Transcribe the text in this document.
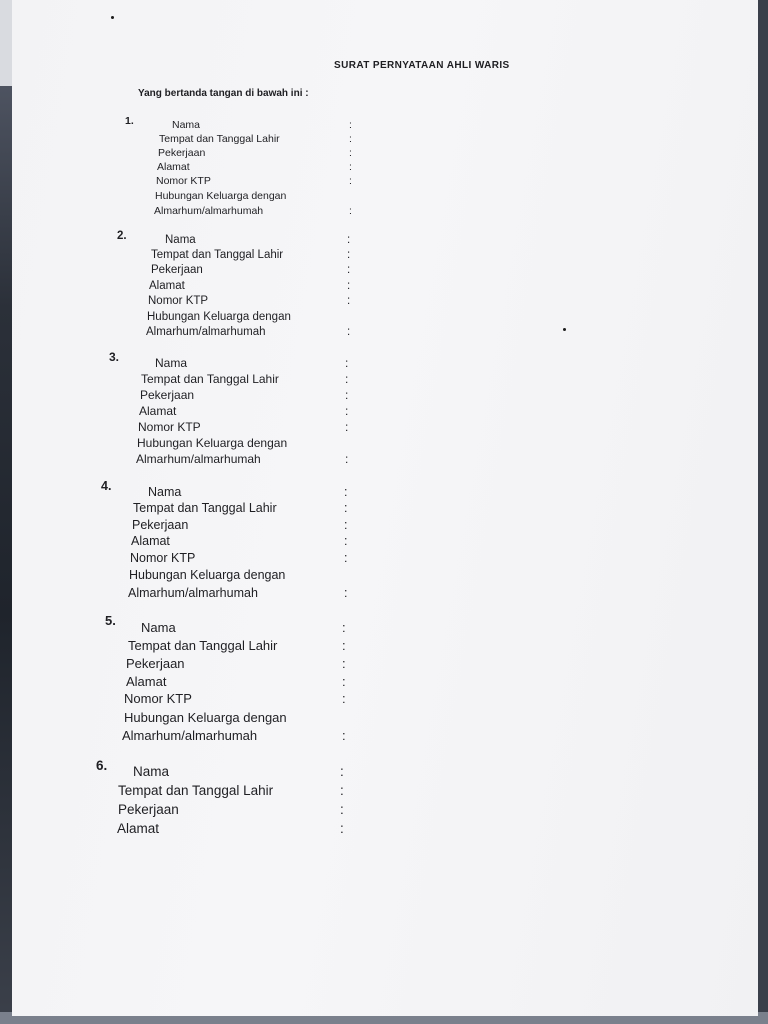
SURAT PERNYATAAN AHLI WARIS
Yang bertanda tangan di bawah ini :
1.	Nama	:
Tempat dan Tanggal Lahir	:
Pekerjaan	:
Alamat	:
Nomor KTP	:
Hubungan Keluarga dengan
Almarhum/almarhumah	:
2.	Nama	:
Tempat dan Tanggal Lahir	:
Pekerjaan	:
Alamat	:
Nomor KTP	:
Hubungan Keluarga dengan
Almarhum/almarhumah	:
3.	Nama	:
Tempat dan Tanggal Lahir	:
Pekerjaan	:
Alamat	:
Nomor KTP	:
Hubungan Keluarga dengan
Almarhum/almarhumah	:
4.	Nama	:
Tempat dan Tanggal Lahir	:
Pekerjaan	:
Alamat	:
Nomor KTP	:
Hubungan Keluarga dengan
Almarhum/almarhumah	:
5. Nama	:
Tempat dan Tanggal Lahir	:
Pekerjaan	:
Alamat	:
Nomor KTP	:
Hubungan Keluarga dengan
Almarhum/almarhumah	:
6. Nama	:
Tempat dan Tanggal Lahir	:
Pekerjaan	:
Alamat	:
